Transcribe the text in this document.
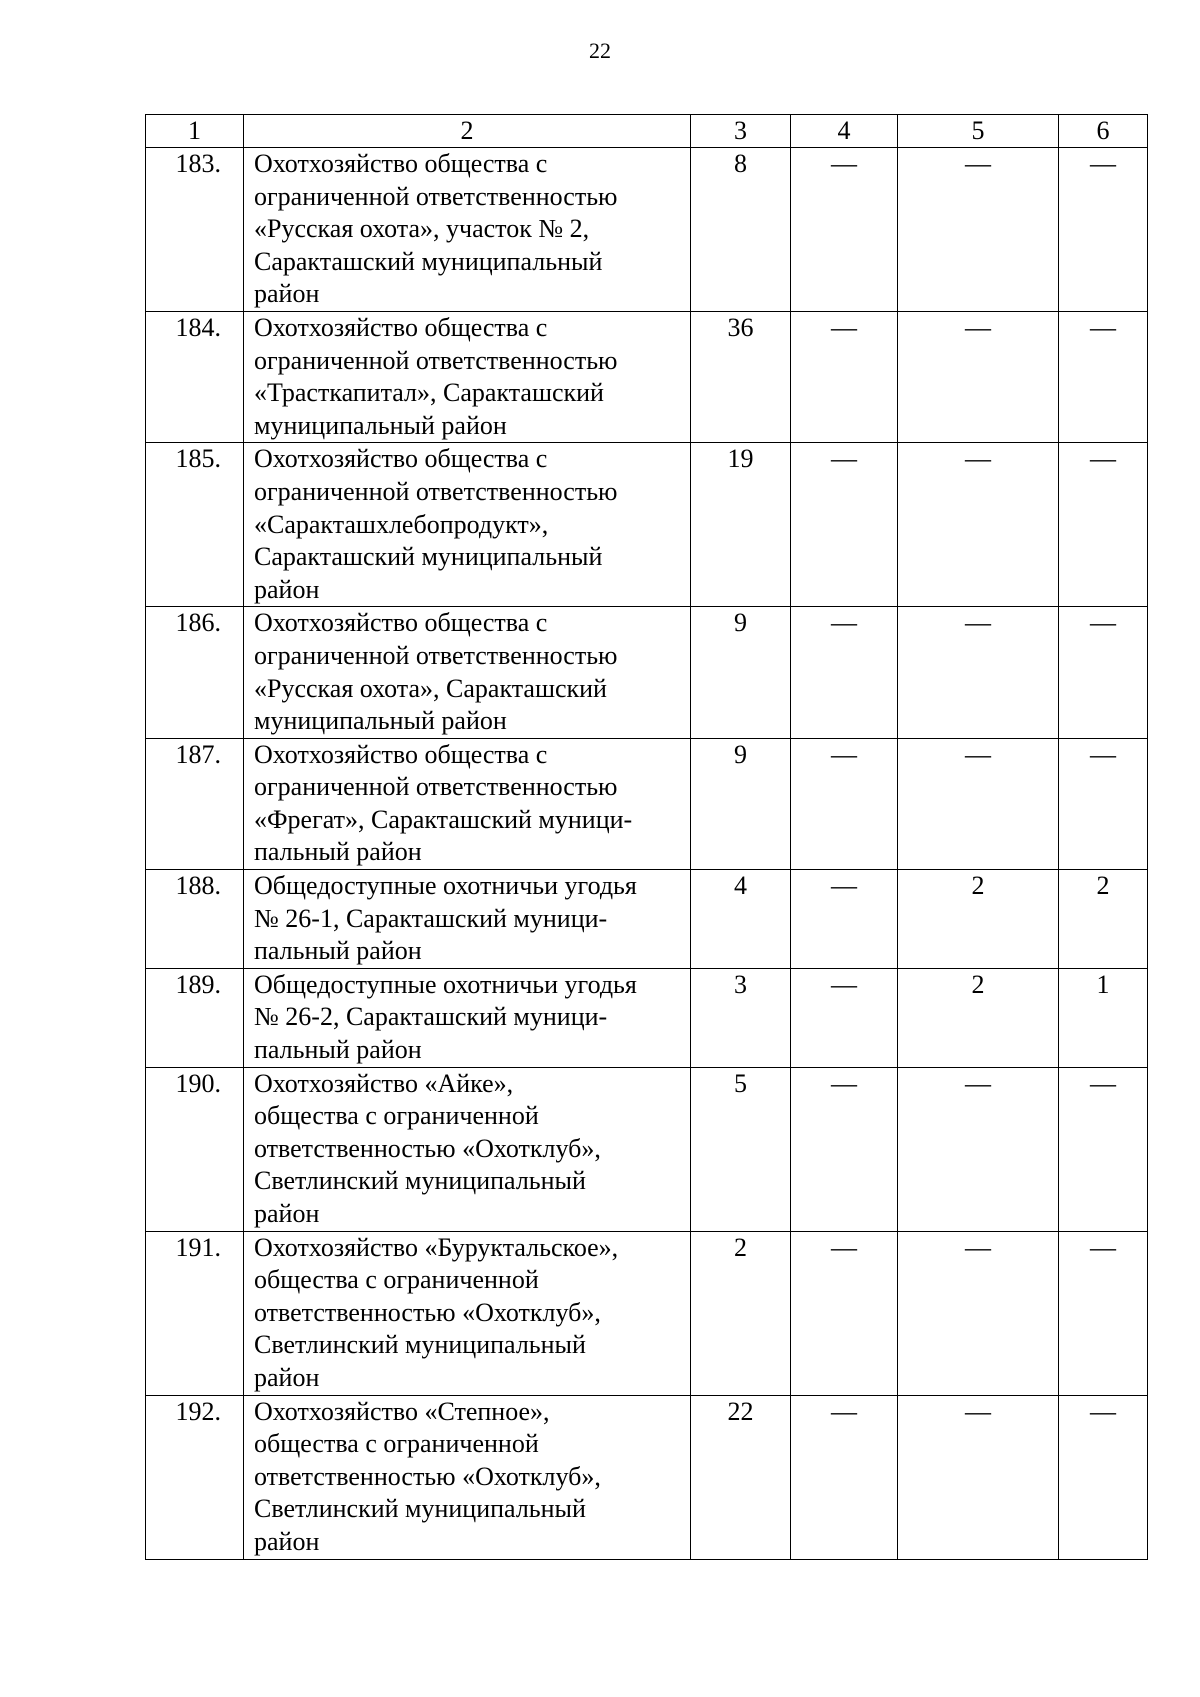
22
1	2	3	4	5	6
183.	Охотхозяйство общества с
ограниченной ответственностью
«Русская охота», участок № 2,
Саракташский муниципальный
район	8	—	—	—
184.	Охотхозяйство общества с
ограниченной ответственностью
«Трасткапитал», Саракташский
муниципальный район	36	—	—	—
185.	Охотхозяйство общества с
ограниченной ответственностью
«Саракташхлебопродукт»,
Саракташский муниципальный
район	19	—	—	—
186.	Охотхозяйство общества с
ограниченной ответственностью
«Русская охота», Саракташский
муниципальный район	9	—	—	—
187.	Охотхозяйство общества с
ограниченной ответственностью
«Фрегат», Саракташский муници-
пальный район	9	—	—	—
188.	Общедоступные охотничьи угодья
№ 26-1, Саракташский муници-
пальный район	4	—	2	2
189.	Общедоступные охотничьи угодья
№ 26-2, Саракташский муници-
пальный район	3	—	2	1
190.	Охотхозяйство «Айке»,
общества с ограниченной
ответственностью «Охотклуб»,
Светлинский муниципальный
район	5	—	—	—
191.	Охотхозяйство «Буруктальское»,
общества с ограниченной
ответственностью «Охотклуб»,
Светлинский муниципальный
район	2	—	—	—
192.	Охотхозяйство «Степное»,
общества с ограниченной
ответственностью «Охотклуб»,
Светлинский муниципальный
район	22	—	—	—
